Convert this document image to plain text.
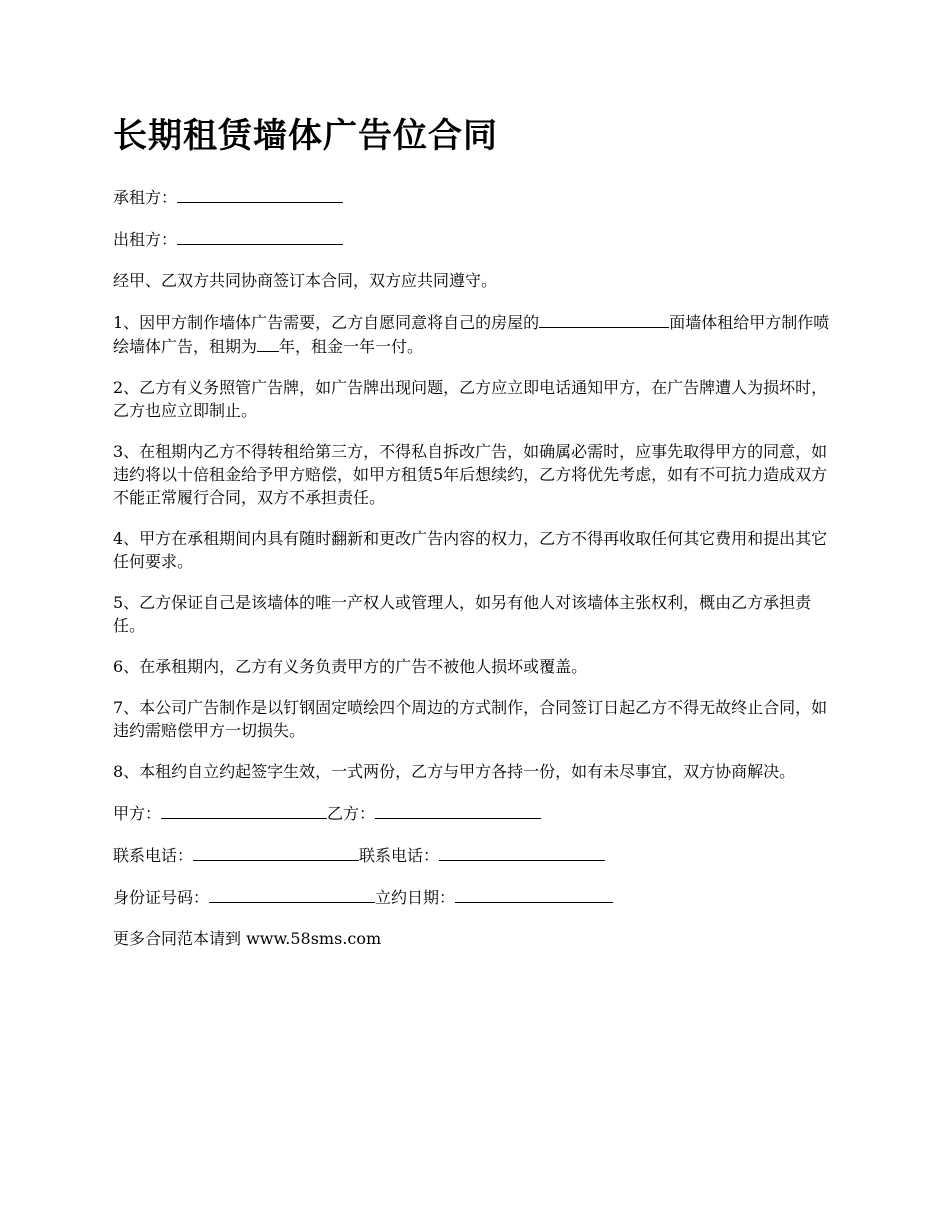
长期租赁墙体广告位合同

承租方：

出租方：

经甲、乙双方共同协商签订本合同，双方应共同遵守。

1、因甲方制作墙体广告需要，乙方自愿同意将自己的房屋的	面墙体租给甲方制作喷绘墙体广告，租期为 年，租金一年一付。

2、乙方有义务照管广告牌，如广告牌出现问题，乙方应立即电话通知甲方，在广告牌遭人为损坏时，乙方也应立即制止。

3、在租期内乙方不得转租给第三方，不得私自拆改广告，如确属必需时，应事先取得甲方的同意，如违约将以十倍租金给予甲方赔偿，如甲方租赁5年后想续约，乙方将优先考虑，如有不可抗力造成双方不能正常履行合同，双方不承担责任。

4、甲方在承租期间内具有随时翻新和更改广告内容的权力，乙方不得再收取任何其它费用和提出其它任何要求。

5、乙方保证自己是该墙体的唯一产权人或管理人，如另有他人对该墙体主张权利，概由乙方承担责任。

6、在承租期内，乙方有义务负责甲方的广告不被他人损坏或覆盖。

7、本公司广告制作是以钉钢固定喷绘四个周边的方式制作，合同签订日起乙方不得无故终止合同，如违约需赔偿甲方一切损失。

8、本租约自立约起签字生效，一式两份，乙方与甲方各持一份，如有未尽事宜，双方协商解决。

甲方：	乙方：

联系电话：	联系电话：

身份证号码：	立约日期：

更多合同范本请到 www.58sms.com
